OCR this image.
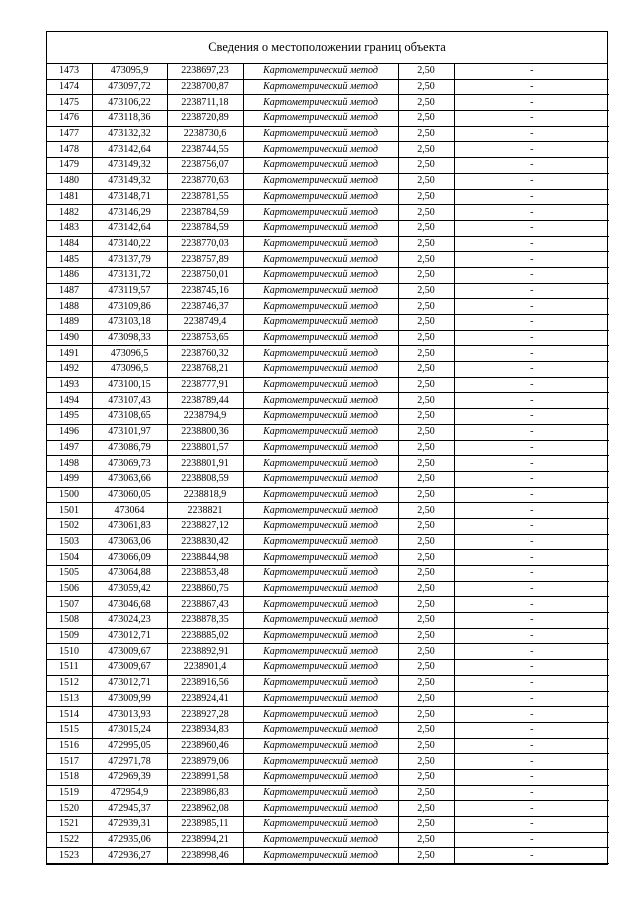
Сведения о местоположении границ объекта
1473	473095,9	2238697,23	Картометрический метод	2,50	-
1474	473097,72	2238700,87	Картометрический метод	2,50	-
1475	473106,22	2238711,18	Картометрический метод	2,50	-
1476	473118,36	2238720,89	Картометрический метод	2,50	-
1477	473132,32	2238730,6	Картометрический метод	2,50	-
1478	473142,64	2238744,55	Картометрический метод	2,50	-
1479	473149,32	2238756,07	Картометрический метод	2,50	-
1480	473149,32	2238770,63	Картометрический метод	2,50	-
1481	473148,71	2238781,55	Картометрический метод	2,50	-
1482	473146,29	2238784,59	Картометрический метод	2,50	-
1483	473142,64	2238784,59	Картометрический метод	2,50	-
1484	473140,22	2238770,03	Картометрический метод	2,50	-
1485	473137,79	2238757,89	Картометрический метод	2,50	-
1486	473131,72	2238750,01	Картометрический метод	2,50	-
1487	473119,57	2238745,16	Картометрический метод	2,50	-
1488	473109,86	2238746,37	Картометрический метод	2,50	-
1489	473103,18	2238749,4	Картометрический метод	2,50	-
1490	473098,33	2238753,65	Картометрический метод	2,50	-
1491	473096,5	2238760,32	Картометрический метод	2,50	-
1492	473096,5	2238768,21	Картометрический метод	2,50	-
1493	473100,15	2238777,91	Картометрический метод	2,50	-
1494	473107,43	2238789,44	Картометрический метод	2,50	-
1495	473108,65	2238794,9	Картометрический метод	2,50	-
1496	473101,97	2238800,36	Картометрический метод	2,50	-
1497	473086,79	2238801,57	Картометрический метод	2,50	-
1498	473069,73	2238801,91	Картометрический метод	2,50	-
1499	473063,66	2238808,59	Картометрический метод	2,50	-
1500	473060,05	2238818,9	Картометрический метод	2,50	-
1501	473064	2238821	Картометрический метод	2,50	-
1502	473061,83	2238827,12	Картометрический метод	2,50	-
1503	473063,06	2238830,42	Картометрический метод	2,50	-
1504	473066,09	2238844,98	Картометрический метод	2,50	-
1505	473064,88	2238853,48	Картометрический метод	2,50	-
1506	473059,42	2238860,75	Картометрический метод	2,50	-
1507	473046,68	2238867,43	Картометрический метод	2,50	-
1508	473024,23	2238878,35	Картометрический метод	2,50	-
1509	473012,71	2238885,02	Картометрический метод	2,50	-
1510	473009,67	2238892,91	Картометрический метод	2,50	-
1511	473009,67	2238901,4	Картометрический метод	2,50	-
1512	473012,71	2238916,56	Картометрический метод	2,50	-
1513	473009,99	2238924,41	Картометрический метод	2,50	-
1514	473013,93	2238927,28	Картометрический метод	2,50	-
1515	473015,24	2238934,83	Картометрический метод	2,50	-
1516	472995,05	2238960,46	Картометрический метод	2,50	-
1517	472971,78	2238979,06	Картометрический метод	2,50	-
1518	472969,39	2238991,58	Картометрический метод	2,50	-
1519	472954,9	2238986,83	Картометрический метод	2,50	-
1520	472945,37	2238962,08	Картометрический метод	2,50	-
1521	472939,31	2238985,11	Картометрический метод	2,50	-
1522	472935,06	2238994,21	Картометрический метод	2,50	-
1523	472936,27	2238998,46	Картометрический метод	2,50	-
